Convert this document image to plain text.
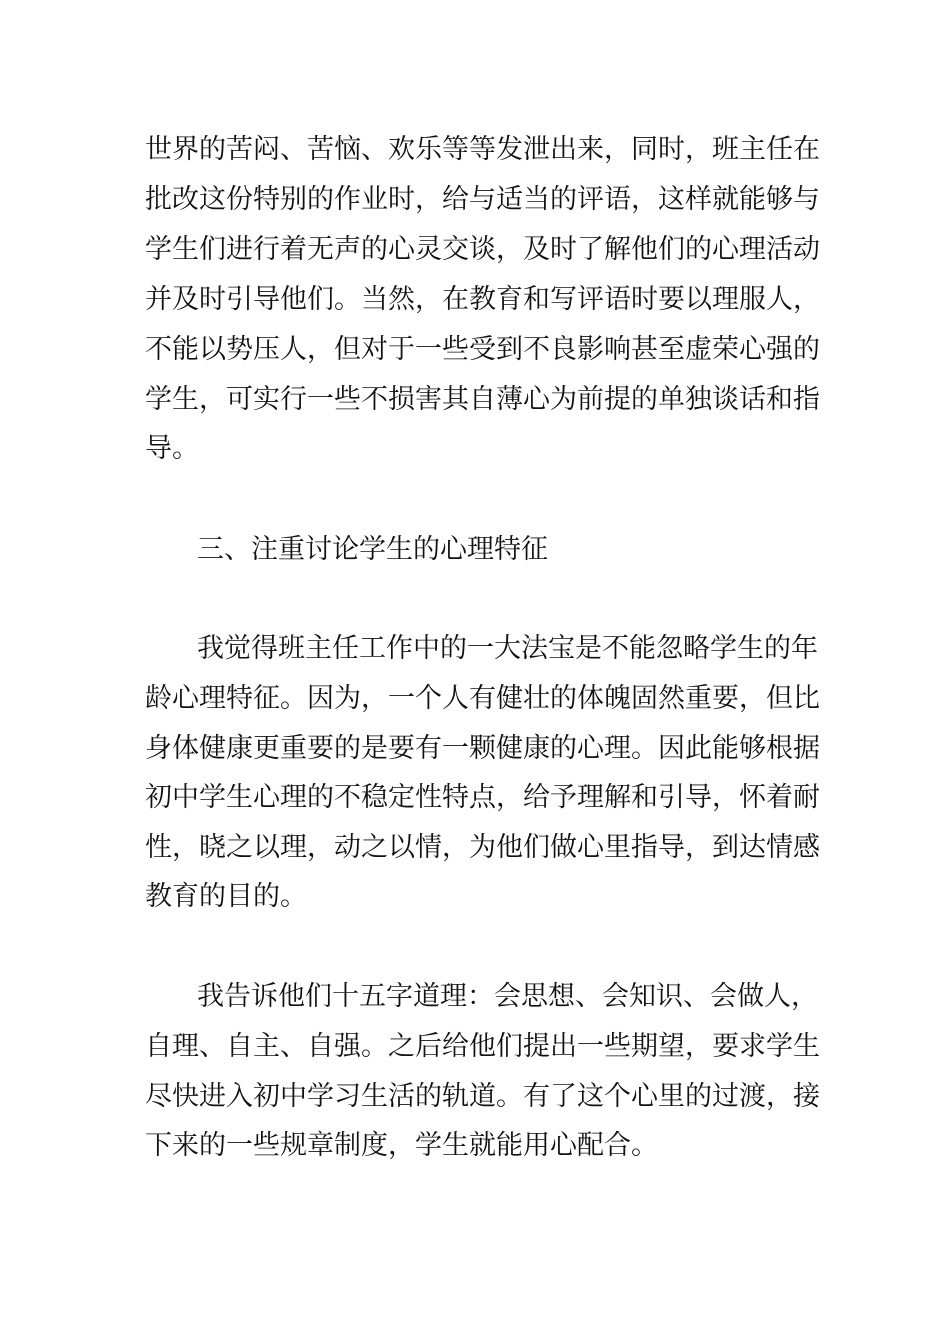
世界的苦闷、苦恼、欢乐等等发泄出来，同时，班主任在
批改这份特别的作业时，给与适当的评语，这样就能够与
学生们进行着无声的心灵交谈，及时了解他们的心理活动
并及时引导他们。当然，在教育和写评语时要以理服人，
不能以势压人，但对于一些受到不良影响甚至虚荣心强的
学生，可实行一些不损害其自薄心为前提的单独谈话和指
导。
三、注重讨论学生的心理特征
我觉得班主任工作中的一大法宝是不能忽略学生的年
龄心理特征。因为，一个人有健壮的体魄固然重要，但比
身体健康更重要的是要有一颗健康的心理。因此能够根据
初中学生心理的不稳定性特点，给予理解和引导，怀着耐
性，晓之以理，动之以情，为他们做心里指导，到达情感
教育的目的。
我告诉他们十五字道理：会思想、会知识、会做人，
自理、自主、自强。之后给他们提出一些期望，要求学生
尽快进入初中学习生活的轨道。有了这个心里的过渡，接
下来的一些规章制度，学生就能用心配合。
